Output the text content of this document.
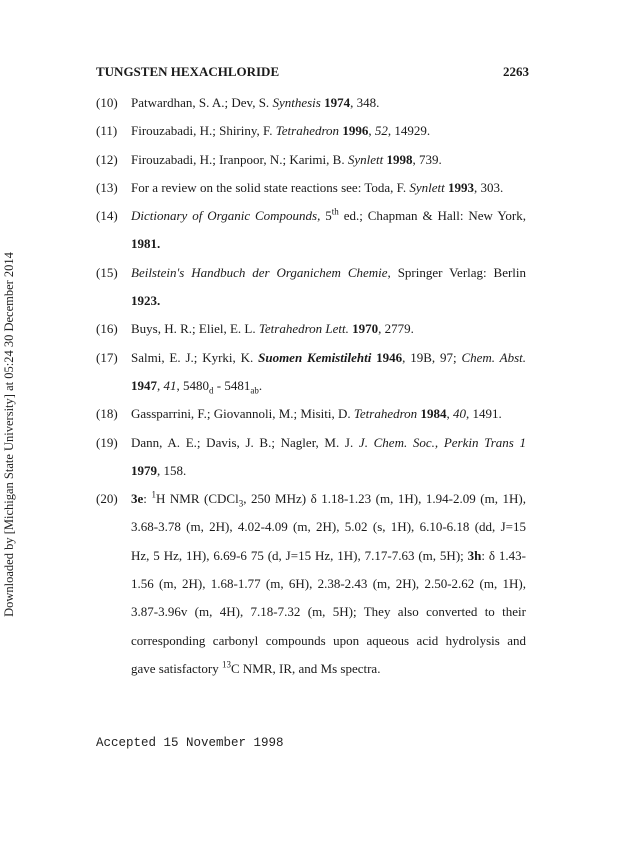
Downloaded by [Michigan State University] at 05:24 30 December 2014
TUNGSTEN HEXACHLORIDE	2263
(10)	Patwardhan, S. A.; Dev, S. Synthesis 1974, 348.
(11)	Firouzabadi, H.; Shiriny, F. Tetrahedron 1996, 52, 14929.
(12)	Firouzabadi, H.; Iranpoor, N.; Karimi, B. Synlett 1998, 739.
(13)	For a review on the solid state reactions see: Toda, F. Synlett 1993, 303.
(14)	Dictionary of Organic Compounds, 5th ed.; Chapman & Hall: New York,
1981.
(15)	Beilstein's Handbuch der Organichem Chemie, Springer Verlag: Berlin
1923.
(16)	Buys, H. R.; Eliel, E. L. Tetrahedron Lett. 1970, 2779.
(17)	Salmi, E. J.; Kyrki, K. Suomen Kemistilehti 1946, 19B, 97; Chem. Abst.
1947, 41, $5480_d - 5481_{ab}$.
(18)	Gassparrini, F.; Giovannoli, M.; Misiti, D. Tetrahedron 1984, 40, 1491.
(19)	Dann, A. E.; Davis, J. B.; Nagler, M. J. J. Chem. Soc., Perkin Trans 1
1979, 158.
(20)	3e: $^1$H NMR (CDCl$_3$, 250 MHz) δ 1.18-1.23 (m, 1H), 1.94-2.09 (m, 1H),
3.68-3.78 (m, 2H), 4.02-4.09 (m, 2H), 5.02 (s, 1H), 6.10-6.18 (dd, J=15
Hz, 5 Hz, 1H), 6.69-6 75 (d, J=15 Hz, 1H), 7.17-7.63 (m, 5H); 3h: δ 1.43-
1.56 (m, 2H), 1.68-1.77 (m, 6H), 2.38-2.43 (m, 2H), 2.50-2.62 (m, 1H),
3.87-3.96v (m, 4H), 7.18-7.32 (m, 5H); They also converted to their
corresponding carbonyl compounds upon aqueous acid hydrolysis and
gave satisfactory $^{13}$C NMR, IR, and Ms spectra.
Accepted 15 November 1998
